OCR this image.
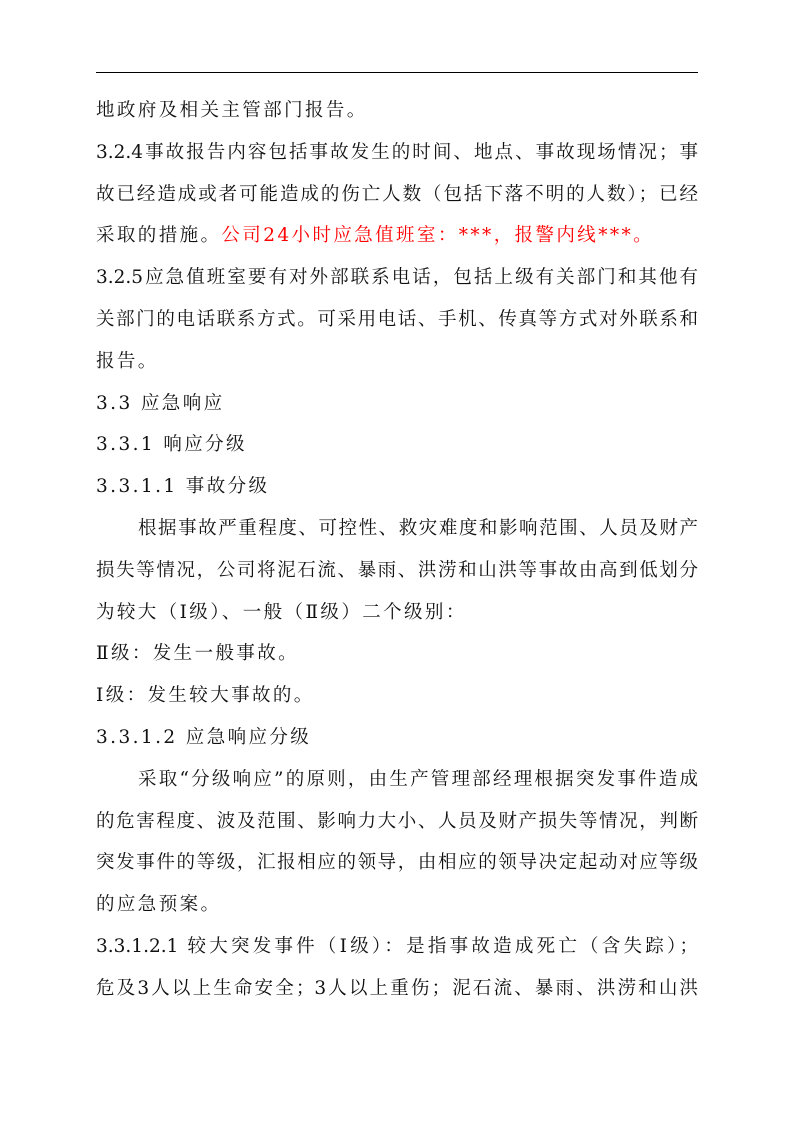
地政府及相关主管部门报告。
3.2.4事故报告内容包括事故发生的时间、地点、事故现场情况；事
故已经造成或者可能造成的伤亡人数（包括下落不明的人数）；已经
采取的措施。公司24小时应急值班室：***，报警内线***。
3.2.5应急值班室要有对外部联系电话，包括上级有关部门和其他有
关部门的电话联系方式。可采用电话、手机、传真等方式对外联系和
报告。
3.3 应急响应
3.3.1 响应分级
3.3.1.1 事故分级
根据事故严重程度、可控性、救灾难度和影响范围、人员及财产
损失等情况，公司将泥石流、暴雨、洪涝和山洪等事故由高到低划分
为较大（Ⅰ级）、一般（Ⅱ级）二个级别：
Ⅱ级：发生一般事故。
Ⅰ级：发生较大事故的。
3.3.1.2 应急响应分级
采取“分级响应”的原则，由生产管理部经理根据突发事件造成
的危害程度、波及范围、影响力大小、人员及财产损失等情况，判断
突发事件的等级，汇报相应的领导，由相应的领导决定起动对应等级
的应急预案。
3.3.1.2.1 较大突发事件（Ⅰ级）：是指事故造成死亡（含失踪）；
危及3人以上生命安全；3人以上重伤；泥石流、暴雨、洪涝和山洪
